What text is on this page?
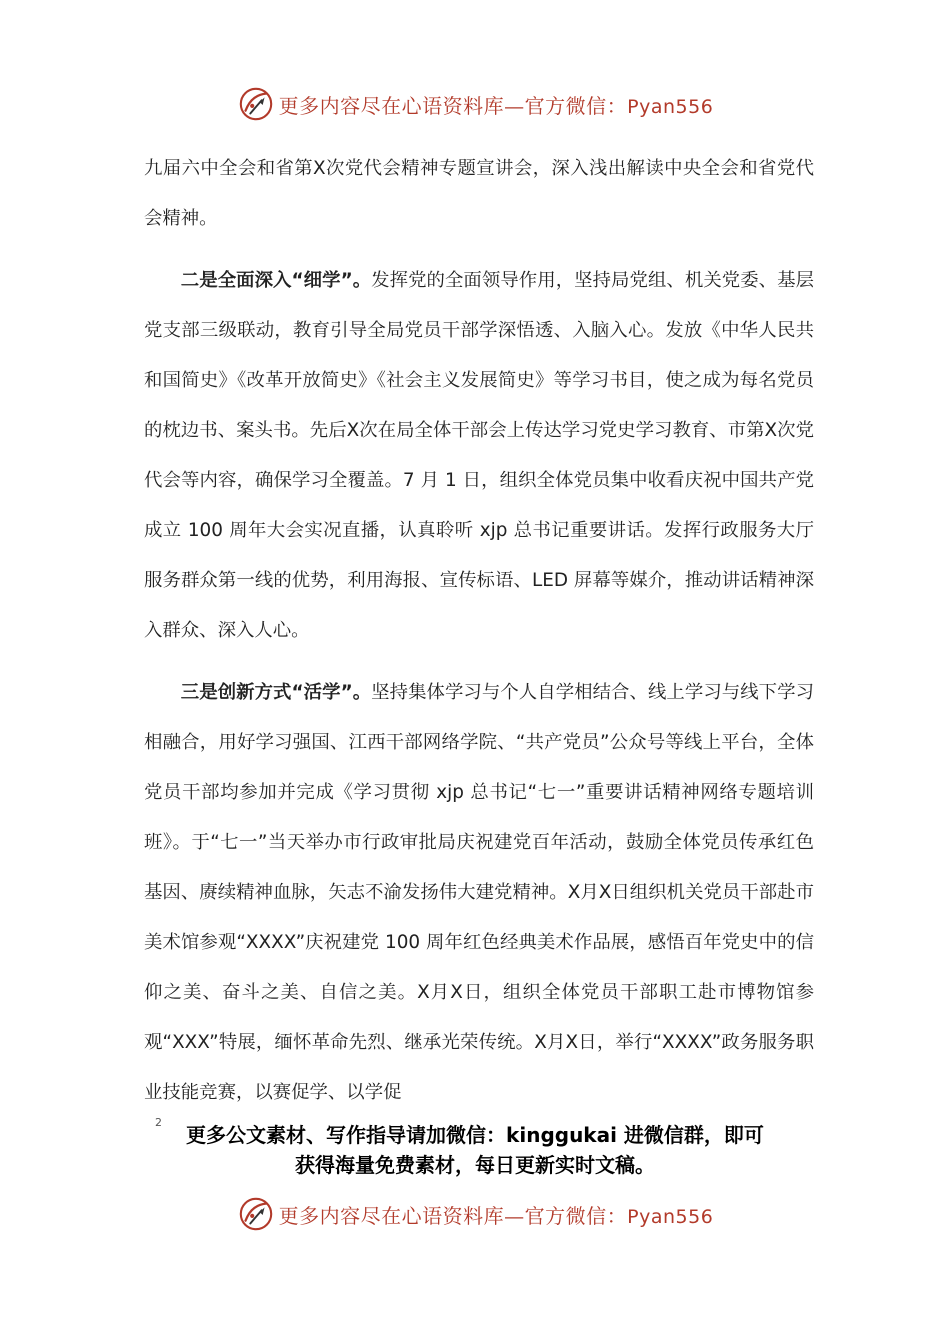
更多内容尽在心语资料库—官方微信：Pyan556

九届六中全会和省第Ⅹ次党代会精神专题宣讲会，深入浅出解读中央全会和省党代会精神。

二是全面深入“细学”。发挥党的全面领导作用，坚持局党组、机关党委、基层党支部三级联动，教育引导全局党员干部学深悟透、入脑入心。发放《中华人民共和国简史》《改革开放简史》《社会主义发展简史》等学习书目，使之成为每名党员的枕边书、案头书。先后Ⅹ次在局全体干部会上传达学习党史学习教育、市第Ⅹ次党代会等内容，确保学习全覆盖。7 月 1 日，组织全体党员集中收看庆祝中国共产党成立 100 周年大会实况直播，认真聆听 xjp 总书记重要讲话。发挥行政服务大厅服务群众第一线的优势，利用海报、宣传标语、LED 屏幕等媒介，推动讲话精神深入群众、深入人心。

三是创新方式“活学”。坚持集体学习与个人自学相结合、线上学习与线下学习相融合，用好学习强国、江西干部网络学院、“共产党员”公众号等线上平台，全体党员干部均参加并完成《学习贯彻 xjp 总书记“七一”重要讲话精神网络专题培训班》。于“七一”当天举办市行政审批局庆祝建党百年活动，鼓励全体党员传承红色基因、赓续精神血脉，矢志不渝发扬伟大建党精神。Ⅹ月Ⅹ日组织机关党员干部赴市美术馆参观“XXXX”庆祝建党 100 周年红色经典美术作品展，感悟百年党史中的信仰之美、奋斗之美、自信之美。Ⅹ月Ⅹ日，组织全体党员干部职工赴市博物馆参观“XXX”特展，缅怀革命先烈、继承光荣传统。Ⅹ月Ⅹ日，举行“XXXX”政务服务职业技能竞赛，以赛促学、以学促

2
更多公文素材、写作指导请加微信：kinggukai 进微信群，即可
获得海量免费素材，每日更新实时文稿。
更多内容尽在心语资料库—官方微信：Pyan556
